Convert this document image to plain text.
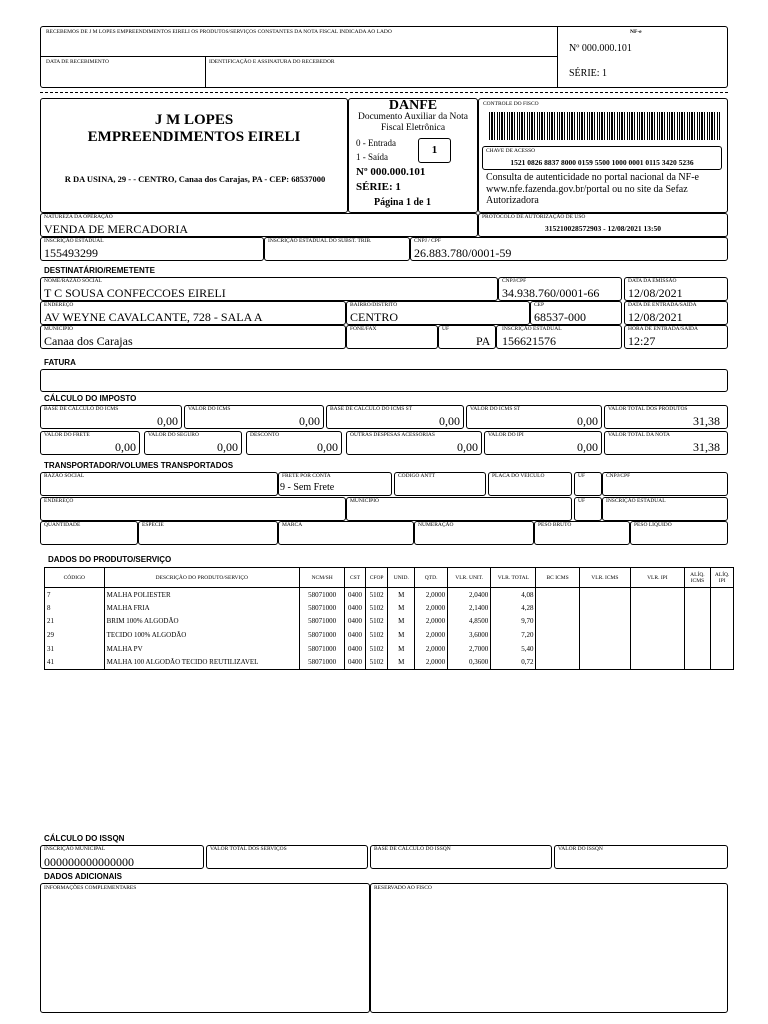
RECEBEMOS DE J M LOPES EMPREENDIMENTOS EIRELI OS PRODUTOS/SERVIÇOS CONSTANTES DA NOTA FISCAL INDICADA AO LADO
DATA DE RECEBIMENTO	IDENTIFICAÇÃO E ASSINATURA DO RECEBEDOR
NF-e
Nº 000.000.101
SÉRIE: 1
J M LOPES
EMPREENDIMENTOS EIRELI
R DA USINA, 29 - - CENTRO, Canaa dos Carajas, PA - CEP: 68537000
DANFE
Documento Auxiliar da Nota Fiscal Eletrônica
0 - Entrada
1 - Saída
1
Nº 000.000.101
SÉRIE: 1
Página 1 de 1
CONTROLE DO FISCO
CHAVE DE ACESSO
1521 0826 8837 8000 0159 5500 1000 0001 0115 3420 5236
Consulta de autenticidade no portal nacional da NF-e www.nfe.fazenda.gov.br/portal ou no site da Sefaz Autorizadora
NATUREZA DA OPERAÇÃO
VENDA DE MERCADORIA
PROTOCOLO DE AUTORIZAÇÃO DE USO
315210028572903 - 12/08/2021 13:50
INSCRIÇÃO ESTADUAL
155493299
INSCRIÇÃO ESTADUAL DO SUBST. TRIB.	CNPJ / CPF
26.883.780/0001-59
DESTINATÁRIO/REMETENTE
NOME/RAZÃO SOCIAL
T C SOUSA CONFECCOES EIRELI
CNPJ/CPF
34.938.760/0001-66
DATA DA EMISSÃO
12/08/2021
ENDEREÇO
AV WEYNE CAVALCANTE, 728 - SALA A
BAIRRO/DISTRITO
CENTRO
CEP
68537-000
DATA DE ENTRADA/SAÍDA
12/08/2021
MUNICÍPIO
Canaa dos Carajas
FONE/FAX	UF
PA
INSCRIÇÃO ESTADUAL
156621576
HORA DE ENTRADA/SAÍDA
12:27
FATURA
CÁLCULO DO IMPOSTO
BASE DE CÁLCULO DO ICMS
0,00
VALOR DO ICMS
0,00
BASE DE CÁLCULO DO ICMS ST
0,00
VALOR DO ICMS ST
0,00
VALOR TOTAL DOS PRODUTOS
31,38
VALOR DO FRETE
0,00
VALOR DO SEGURO
0,00
DESCONTO
0,00
OUTRAS DESPESAS ACESSÓRIAS
0,00
VALOR DO IPI
0,00
VALOR TOTAL DA NOTA
31,38
TRANSPORTADOR/VOLUMES TRANSPORTADOS
RAZÃO SOCIAL	FRETE POR CONTA
9 - Sem Frete
CÓDIGO ANTT	PLACA DO VEÍCULO	UF	CNPJ/CPF
ENDEREÇO	MUNICÍPIO	UF	INSCRIÇÃO ESTADUAL
QUANTIDADE	ESPÉCIE	MARCA	NUMERAÇÃO	PESO BRUTO	PESO LÍQUIDO
DADOS DO PRODUTO/SERVIÇO
CÓDIGO	DESCRIÇÃO DO PRODUTO/SERVIÇO	NCM/SH	CST	CFOP	UNID.	QTD.	VLR. UNIT.	VLR. TOTAL	BC ICMS	VLR. ICMS	VLR. IPI	ALÍQ. ICMS	ALÍQ. IPI
7	MALHA POLIESTER	58071000	0400	5102	M	2,0000	2,0400	4,08					
8	MALHA FRIA	58071000	0400	5102	M	2,0000	2,1400	4,28					
21	BRIM 100% ALGODÃO	58071000	0400	5102	M	2,0000	4,8500	9,70					
29	TECIDO 100% ALGODÃO	58071000	0400	5102	M	2,0000	3,6000	7,20					
31	MALHA PV	58071000	0400	5102	M	2,0000	2,7000	5,40					
41	MALHA 100 ALGODÃO TECIDO REUTILIZAVEL	58071000	0400	5102	M	2,0000	0,3600	0,72					
CÁLCULO DO ISSQN
INSCRIÇÃO MUNICIPAL
000000000000000
VALOR TOTAL DOS SERVIÇOS	BASE DE CÁLCULO DO ISSQN	VALOR DO ISSQN
DADOS ADICIONAIS
INFORMAÇÕES COMPLEMENTARES	RESERVADO AO FISCO
